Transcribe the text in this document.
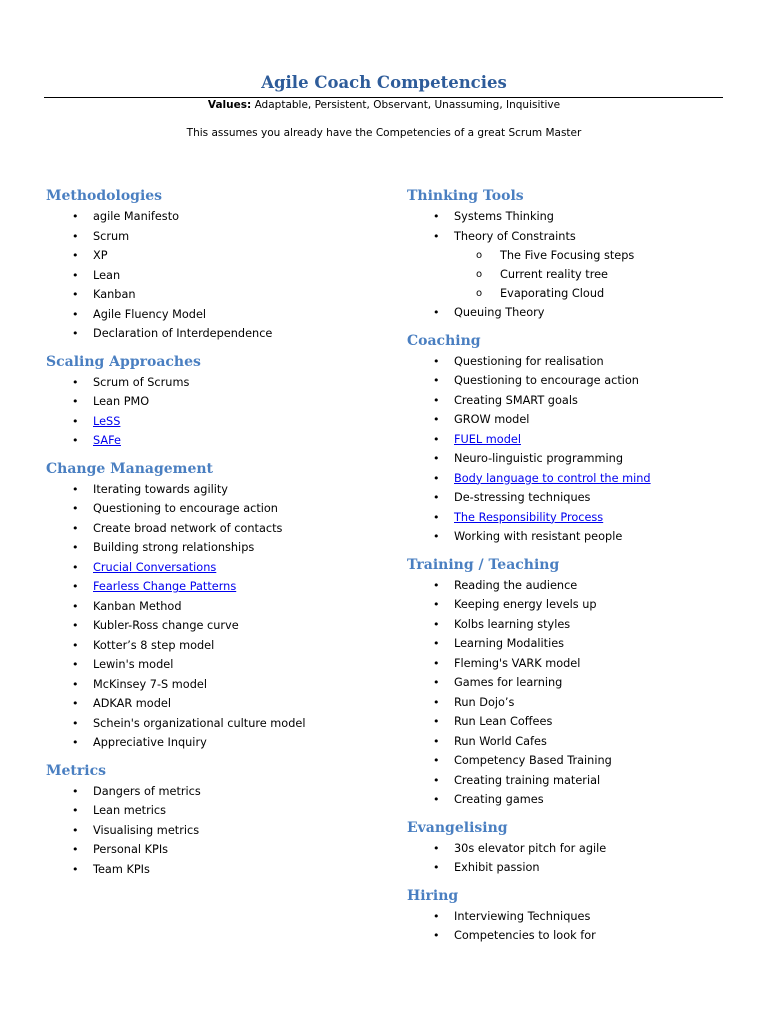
Agile Coach Competencies
Values: Adaptable, Persistent, Observant, Unassuming, Inquisitive
This assumes you already have the Competencies of a great Scrum Master
Methodologies
• agile Manifesto
• Scrum
• XP
• Lean
• Kanban
• Agile Fluency Model
• Declaration of Interdependence
Scaling Approaches
• Scrum of Scrums
• Lean PMO
• LeSS
• SAFe
Change Management
• Iterating towards agility
• Questioning to encourage action
• Create broad network of contacts
• Building strong relationships
• Crucial Conversations
• Fearless Change Patterns
• Kanban Method
• Kubler-Ross change curve
• Kotter’s 8 step model
• Lewin's model
• McKinsey 7-S model
• ADKAR model
• Schein's organizational culture model
• Appreciative Inquiry
Metrics
• Dangers of metrics
• Lean metrics
• Visualising metrics
• Personal KPIs
• Team KPIs
Thinking Tools
• Systems Thinking
• Theory of Constraints
o The Five Focusing steps
o Current reality tree
o Evaporating Cloud
• Queuing Theory
Coaching
• Questioning for realisation
• Questioning to encourage action
• Creating SMART goals
• GROW model
• FUEL model
• Neuro-linguistic programming
• Body language to control the mind
• De-stressing techniques
• The Responsibility Process
• Working with resistant people
Training / Teaching
• Reading the audience
• Keeping energy levels up
• Kolbs learning styles
• Learning Modalities
• Fleming's VARK model
• Games for learning
• Run Dojo’s
• Run Lean Coffees
• Run World Cafes
• Competency Based Training
• Creating training material
• Creating games
Evangelising
• 30s elevator pitch for agile
• Exhibit passion
Hiring
• Interviewing Techniques
• Competencies to look for
